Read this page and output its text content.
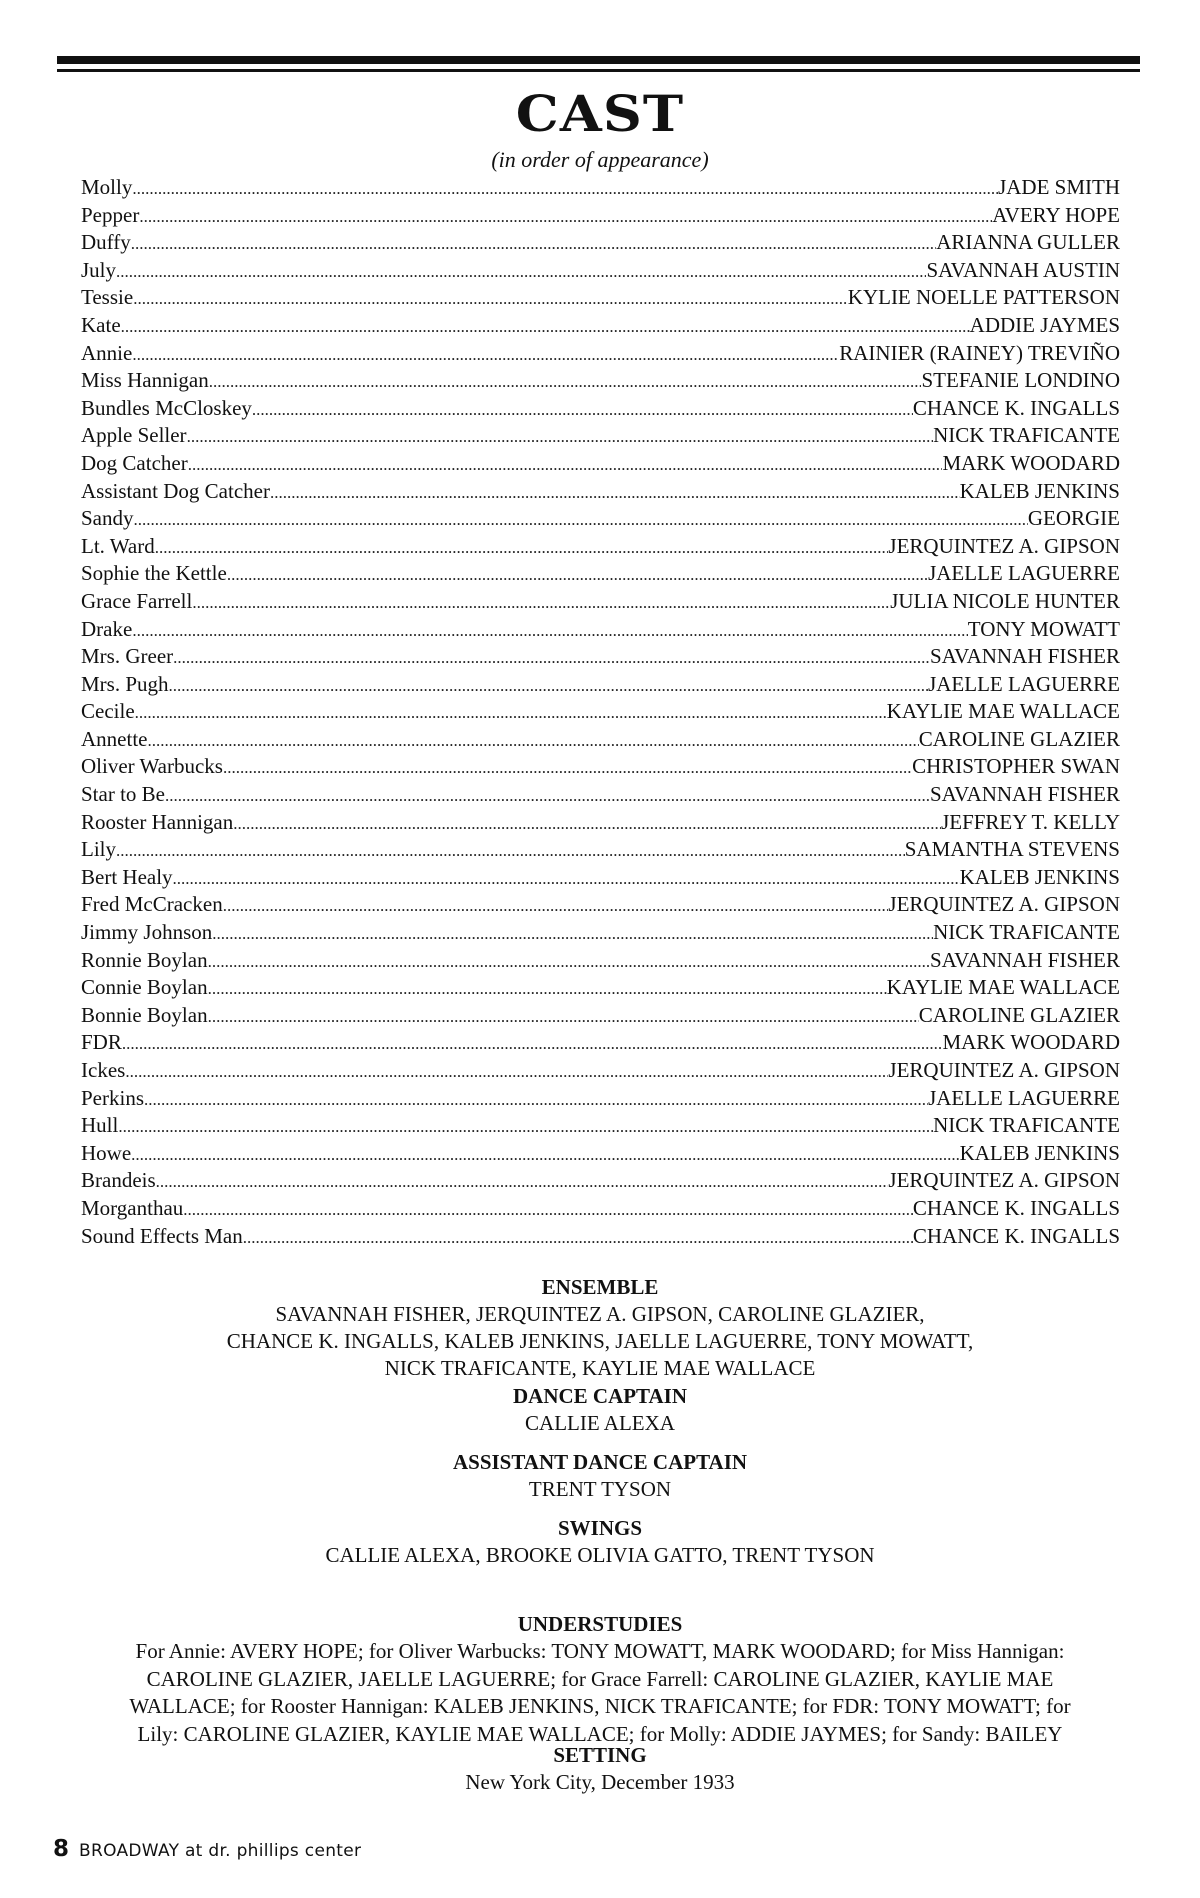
CAST
(in order of appearance)
Molly .....	JADE SMITH
Pepper .....	AVERY HOPE
Duffy .....	ARIANNA GULLER
July .....	SAVANNAH AUSTIN
Tessie .....	KYLIE NOELLE PATTERSON
Kate .....	ADDIE JAYMES
Annie .....	RAINIER (RAINEY) TREVIÑO
Miss Hannigan .....	STEFANIE LONDINO
Bundles McCloskey .....	CHANCE K. INGALLS
Apple Seller .....	NICK TRAFICANTE
Dog Catcher .....	MARK WOODARD
Assistant Dog Catcher .....	KALEB JENKINS
Sandy .....	GEORGIE
Lt. Ward .....	JERQUINTEZ A. GIPSON
Sophie the Kettle .....	JAELLE LAGUERRE
Grace Farrell .....	JULIA NICOLE HUNTER
Drake .....	TONY MOWATT
Mrs. Greer .....	SAVANNAH FISHER
Mrs. Pugh .....	JAELLE LAGUERRE
Cecile .....	KAYLIE MAE WALLACE
Annette .....	CAROLINE GLAZIER
Oliver Warbucks .....	CHRISTOPHER SWAN
Star to Be .....	SAVANNAH FISHER
Rooster Hannigan .....	JEFFREY T. KELLY
Lily .....	SAMANTHA STEVENS
Bert Healy .....	KALEB JENKINS
Fred McCracken .....	JERQUINTEZ A. GIPSON
Jimmy Johnson .....	NICK TRAFICANTE
Ronnie Boylan .....	SAVANNAH FISHER
Connie Boylan .....	KAYLIE MAE WALLACE
Bonnie Boylan .....	CAROLINE GLAZIER
FDR .....	MARK WOODARD
Ickes .....	JERQUINTEZ A. GIPSON
Perkins .....	JAELLE LAGUERRE
Hull .....	NICK TRAFICANTE
Howe .....	KALEB JENKINS
Brandeis .....	JERQUINTEZ A. GIPSON
Morganthau .....	CHANCE K. INGALLS
Sound Effects Man .....	CHANCE K. INGALLS
ENSEMBLE

SAVANNAH FISHER, JERQUINTEZ A. GIPSON, CAROLINE GLAZIER,

CHANCE K. INGALLS, KALEB JENKINS, JAELLE LAGUERRE, TONY MOWATT,

NICK TRAFICANTE, KAYLIE MAE WALLACE

DANCE CAPTAIN

CALLIE ALEXA

ASSISTANT DANCE CAPTAIN

TRENT TYSON

SWINGS

CALLIE ALEXA, BROOKE OLIVIA GATTO, TRENT TYSON

UNDERSTUDIES

For Annie: AVERY HOPE; for Oliver Warbucks: TONY MOWATT, MARK WOODARD; for Miss Hannigan:

CAROLINE GLAZIER, JAELLE LAGUERRE; for Grace Farrell: CAROLINE GLAZIER, KAYLIE MAE

WALLACE; for Rooster Hannigan: KALEB JENKINS, NICK TRAFICANTE; for FDR: TONY MOWATT; for

Lily: CAROLINE GLAZIER, KAYLIE MAE WALLACE; for Molly: ADDIE JAYMES; for Sandy: BAILEY

SETTING

New York City, December 1933

8 BROADWAY at dr. phillips center
